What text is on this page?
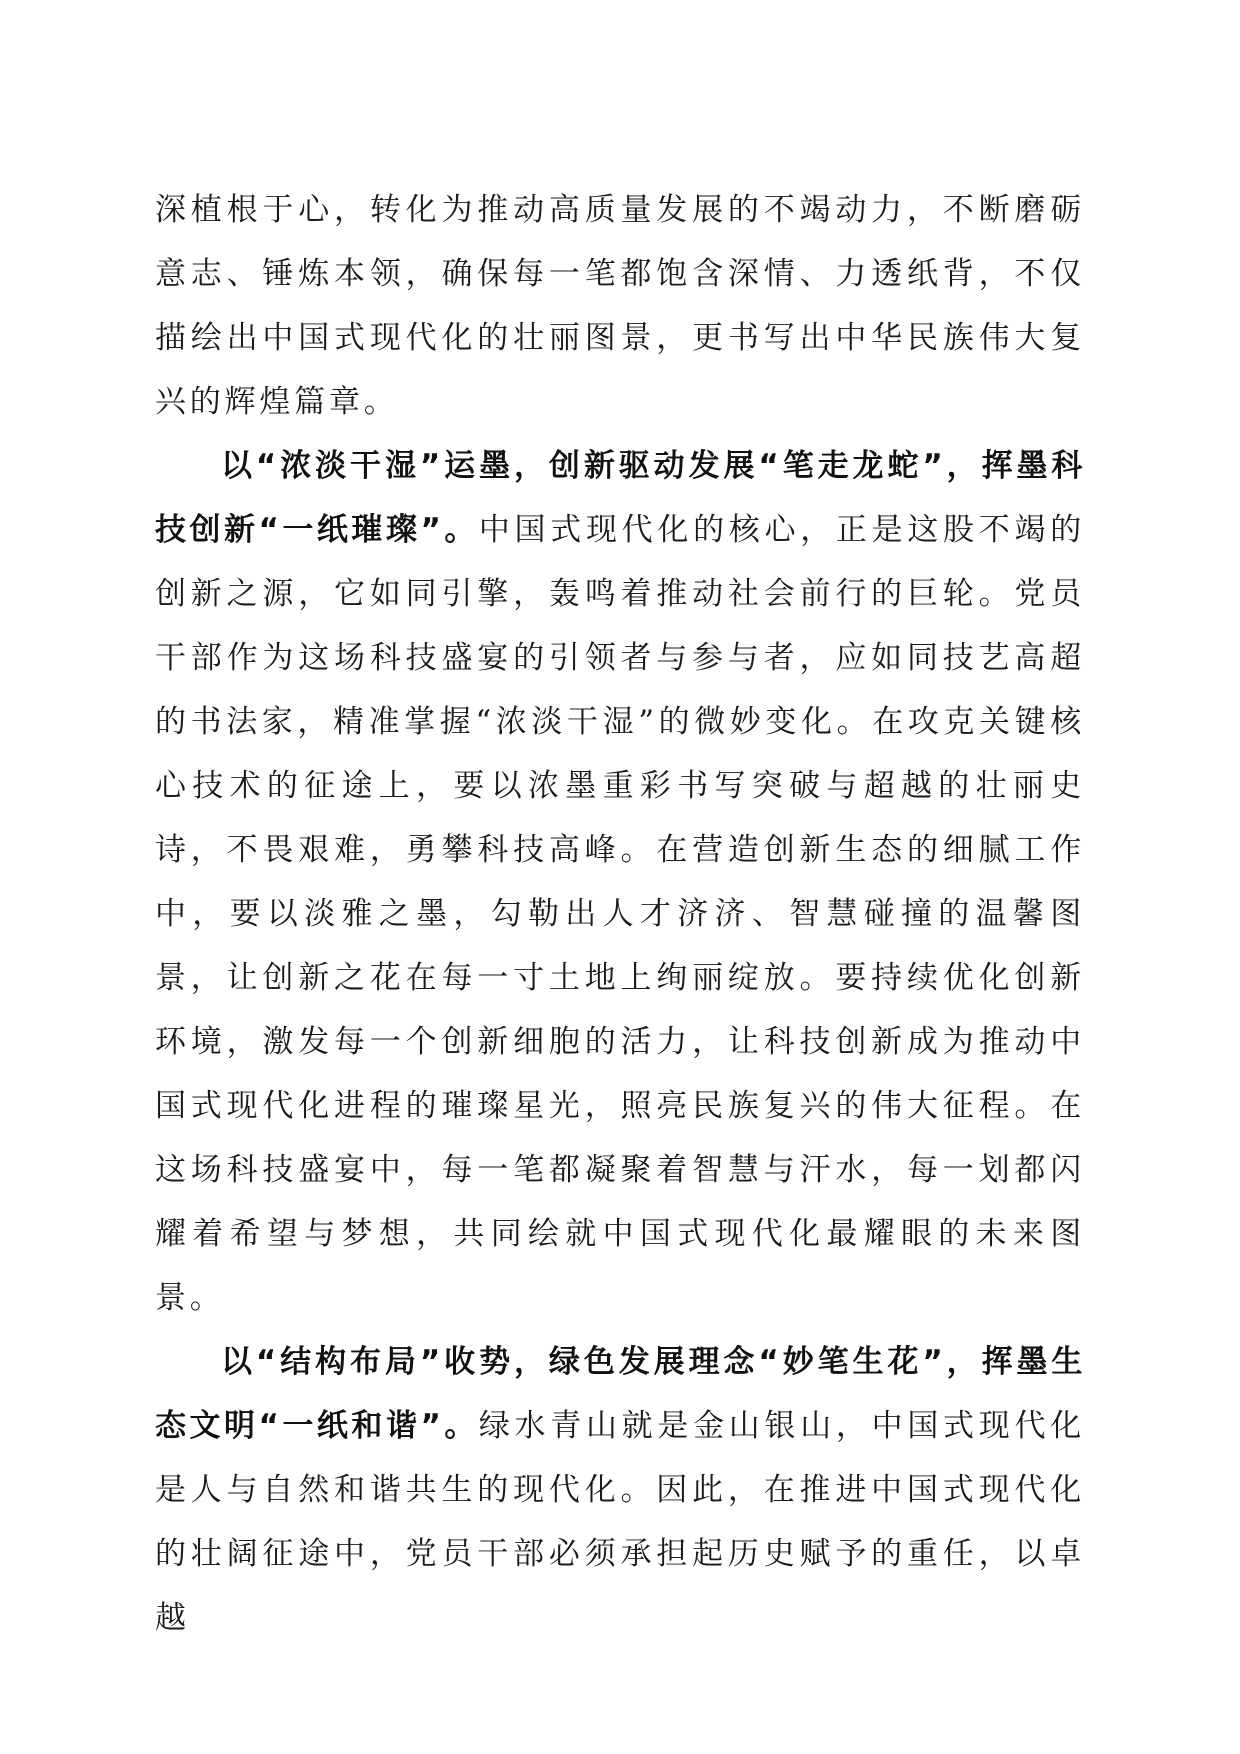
深植根于心，转化为推动高质量发展的不竭动力，不断磨砺意志、锤炼本领，确保每一笔都饱含深情、力透纸背，不仅描绘出中国式现代化的壮丽图景，更书写出中华民族伟大复兴的辉煌篇章。

以“浓淡干湿”运墨，创新驱动发展“笔走龙蛇”，挥墨科技创新“一纸璀璨”。中国式现代化的核心，正是这股不竭的创新之源，它如同引擎，轰鸣着推动社会前行的巨轮。党员干部作为这场科技盛宴的引领者与参与者，应如同技艺高超的书法家，精准掌握“浓淡干湿”的微妙变化。在攻克关键核心技术的征途上，要以浓墨重彩书写突破与超越的壮丽史诗，不畏艰难，勇攀科技高峰。在营造创新生态的细腻工作中，要以淡雅之墨，勾勒出人才济济、智慧碰撞的温馨图景，让创新之花在每一寸土地上绚丽绽放。要持续优化创新环境，激发每一个创新细胞的活力，让科技创新成为推动中国式现代化进程的璀璨星光，照亮民族复兴的伟大征程。在这场科技盛宴中，每一笔都凝聚着智慧与汗水，每一划都闪耀着希望与梦想，共同绘就中国式现代化最耀眼的未来图景。

以“结构布局”收势，绿色发展理念“妙笔生花”，挥墨生态文明“一纸和谐”。绿水青山就是金山银山，中国式现代化是人与自然和谐共生的现代化。因此，在推进中国式现代化的壮阔征途中，党员干部必须承担起历史赋予的重任，以卓越
